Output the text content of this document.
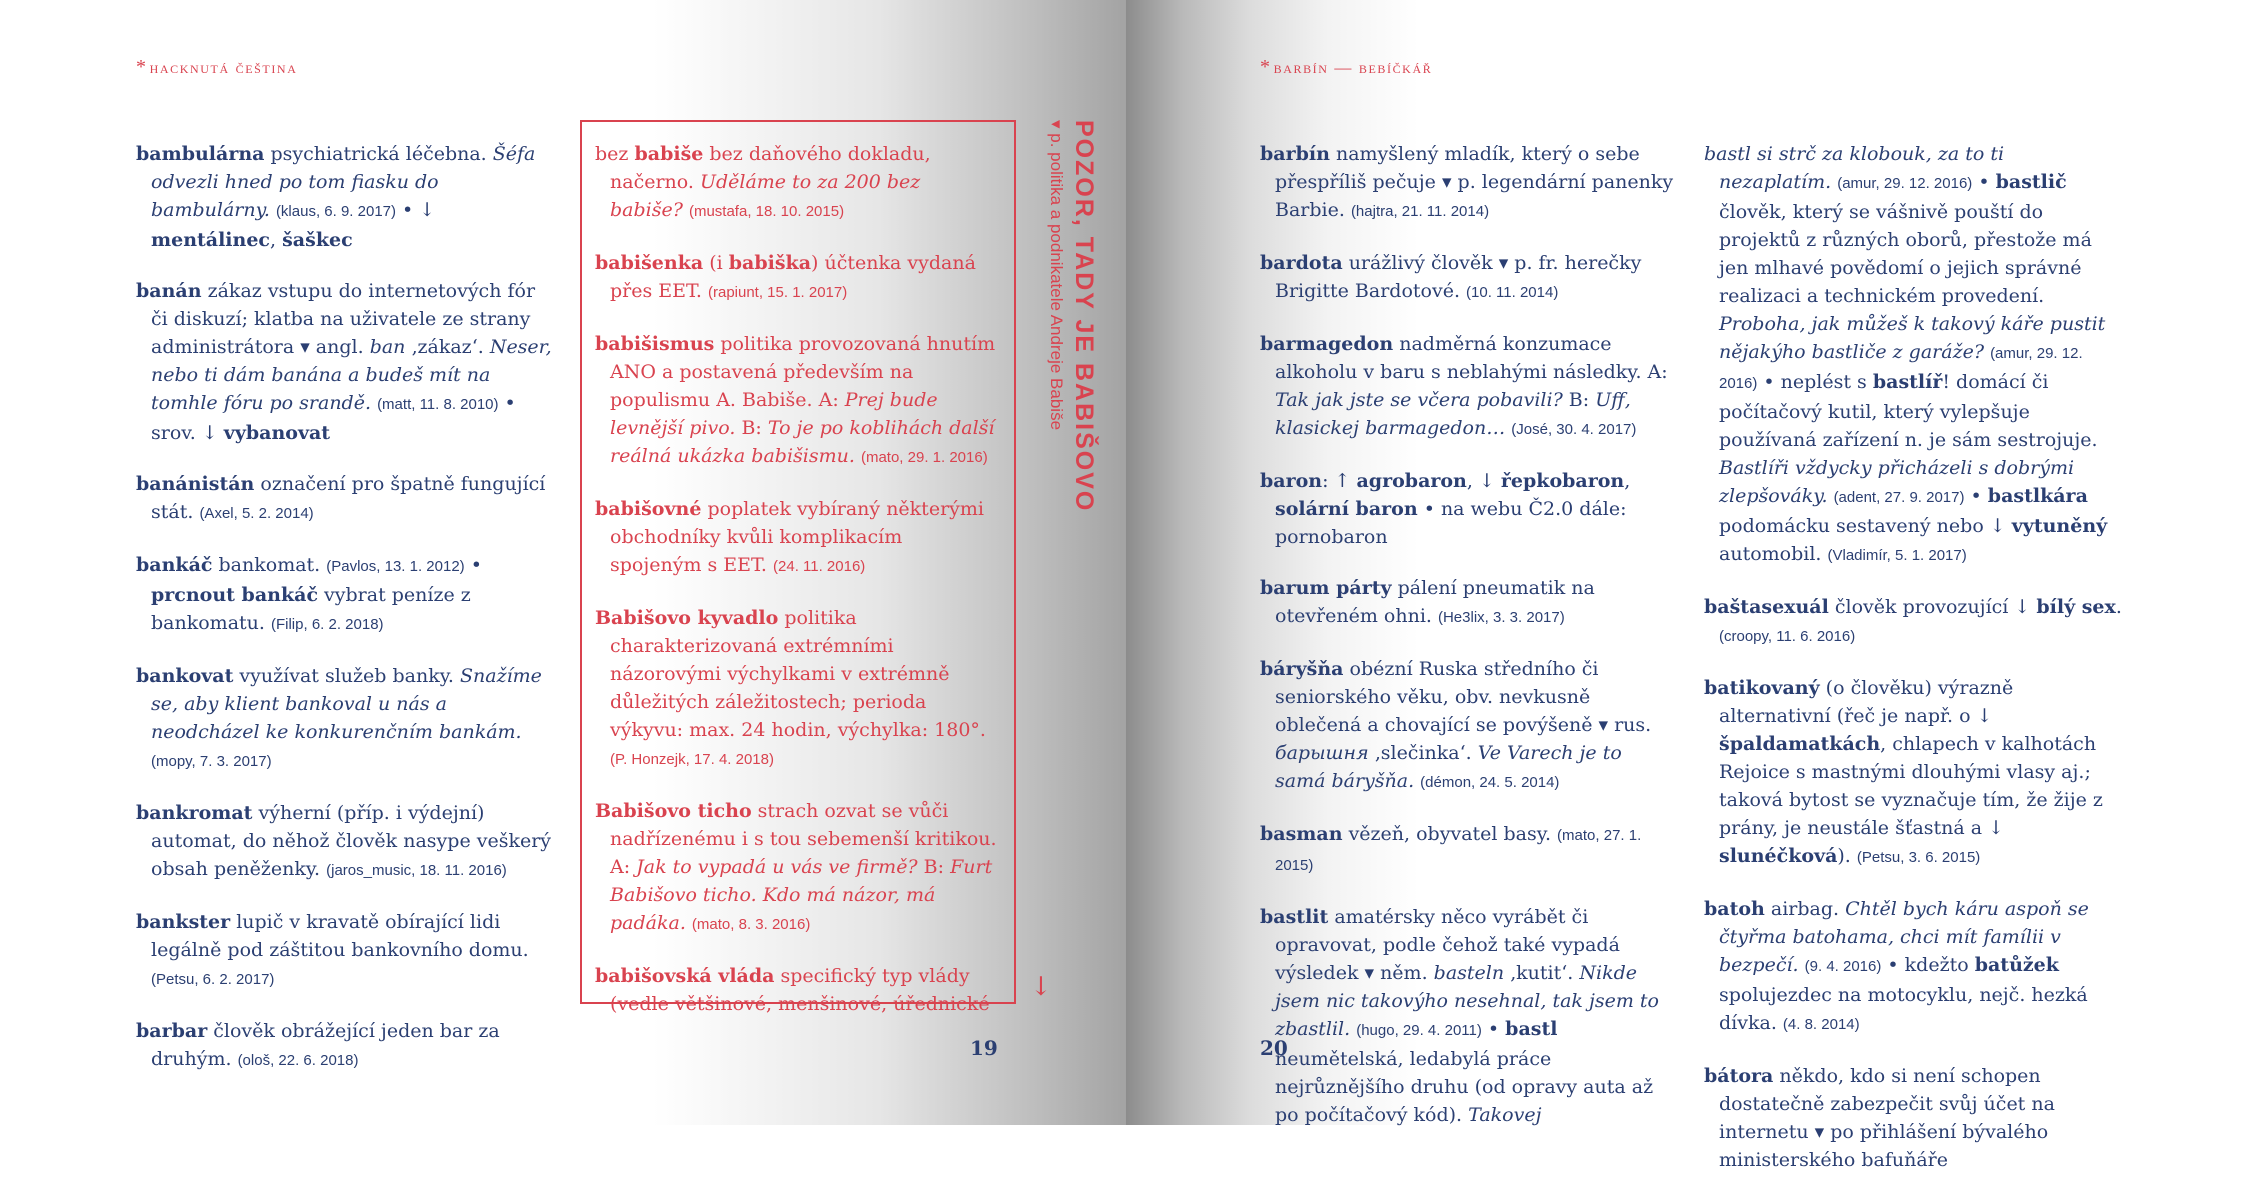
* hacknutá čeština

bambulárna psychiatrická léčebna. Šéfa odvezli hned po tom fiasku do bambulárny. (klaus, 6. 9. 2017) • ↓ mentálinec, šaškec

banán zákaz vstupu do internetových fór či diskuzí; klatba na uživatele ze strany administrátora ▾ angl. ban ‚zákaz‘. Neser, nebo ti dám banána a budeš mít na tomhle fóru po srandě. (matt, 11. 8. 2010) • srov. ↓ vybanovat

banánistán označení pro špatně fungující stát. (Axel, 5. 2. 2014)

bankáč bankomat. (Pavlos, 13. 1. 2012) • prcnout bankáč vybrat peníze z bankomatu. (Filip, 6. 2. 2018)

bankovat využívat služeb banky. Snažíme se, aby klient bankoval u nás a neodcházel ke konkurenčním bankám. (mopy, 7. 3. 2017)

bankromat výherní (příp. i výdejní) automat, do něhož člověk nasype veškerý obsah peněženky. (jaros_music, 18. 11. 2016)

bankster lupič v kravatě obírající lidi legálně pod záštitou bankovního domu. (Petsu, 6. 2. 2017)

barbar člověk obrážející jeden bar za druhým. (ološ, 22. 6. 2018)

bez babiše bez daňového dokladu, načerno. Uděláme to za 200 bez babiše? (mustafa, 18. 10. 2015)

babišenka (i babiška) účtenka vydaná přes EET. (rapiunt, 15. 1. 2017)

babišismus politika provozovaná hnutím ANO a postavená především na populismu A. Babiše. A: Prej bude levnější pivo. B: To je po koblihách další reálná ukázka babišismu. (mato, 29. 1. 2016)

babišovné poplatek vybíraný některými obchodníky kvůli komplikacím spojeným s EET. (24. 11. 2016)

Babišovo kyvadlo politika charakterizovaná extrémními názorovými výchylkami v extrémně důležitých záležitostech; perioda výkyvu: max. 24 hodin, výchylka: 180°. (P. Honzejk, 17. 4. 2018)

Babišovo ticho strach ozvat se vůči nadřízenému i s tou sebemenší kritikou. A: Jak to vypadá u vás ve firmě? B: Furt Babišovo ticho. Kdo má názor, má padáka. (mato, 8. 3. 2016)

babišovská vláda specifický typ vlády (vedle většinové, menšinové, úřednické

POZOR, TADY JE BABIŠOVO
▾ p. politika a podnikatele Andreje Babiše
↓
19
* barbín — bebíčkář

barbín namyšlený mladík, který o sebe přespříliš pečuje ▾ p. legendární panenky Barbie. (hajtra, 21. 11. 2014)

bardota urážlivý člověk ▾ p. fr. herečky Brigitte Bardotové. (10. 11. 2014)

barmagedon nadměrná konzumace alkoholu v baru s neblahými následky. A: Tak jak jste se včera pobavili? B: Uff, klasickej barmagedon… (José, 30. 4. 2017)

baron: ↑ agrobaron, ↓ řepkobaron, solární baron • na webu Č2.0 dále: pornobaron

barum párty pálení pneumatik na otevřeném ohni. (He3lix, 3. 3. 2017)

báryšňa obézní Ruska středního či seniorského věku, obv. nevkusně oblečená a chovající se povýšeně ▾ rus. барышня ‚slečinka‘. Ve Varech je to samá báryšňa. (démon, 24. 5. 2014)

basman vězeň, obyvatel basy. (mato, 27. 1. 2015)

bastlit amatérsky něco vyrábět či opravovat, podle čehož také vypadá výsledek ▾ něm. basteln ‚kutit‘. Nikde jsem nic takovýho nesehnal, tak jsem to zbastlil. (hugo, 29. 4. 2011) • bastl neumětelská, ledabylá práce nejrůznějšího druhu (od opravy auta až po počítačový kód). Takovej

bastl si strč za klobouk, za to ti nezaplatím. (amur, 29. 12. 2016) • bastlič člověk, který se vášnivě pouští do projektů z různých oborů, přestože má jen mlhavé povědomí o jejich správné realizaci a technickém provedení. Proboha, jak můžeš k takový káře pustit nějakýho bastliče z garáže? (amur, 29. 12. 2016) • neplést s bastlíř! domácí či počítačový kutil, který vylepšuje používaná zařízení n. je sám sestrojuje. Bastlíři vždycky přicházeli s dobrými zlepšováky. (adent, 27. 9. 2017) • bastlkára podomácku sestavený nebo ↓ vytuněný automobil. (Vladimír, 5. 1. 2017)

baštasexuál člověk provozující ↓ bílý sex. (croopy, 11. 6. 2016)

batikovaný (o člověku) výrazně alternativní (řeč je např. o ↓ špaldamatkách, chlapech v kalhotách Rejoice s mastnými dlouhými vlasy aj.; taková bytost se vyznačuje tím, že žije z prány, je neustále šťastná a ↓ slunéčková). (Petsu, 3. 6. 2015)

batoh airbag. Chtěl bych káru aspoň se čtyřma batohama, chci mít famílii v bezpečí. (9. 4. 2016) • kdežto batůžek spolujezdec na motocyklu, nejč. hezká dívka. (4. 8. 2014)

bátora někdo, kdo si není schopen dostatečně zabezpečit svůj účet na internetu ▾ po přihlášení bývalého ministerského bafuňáře

20
